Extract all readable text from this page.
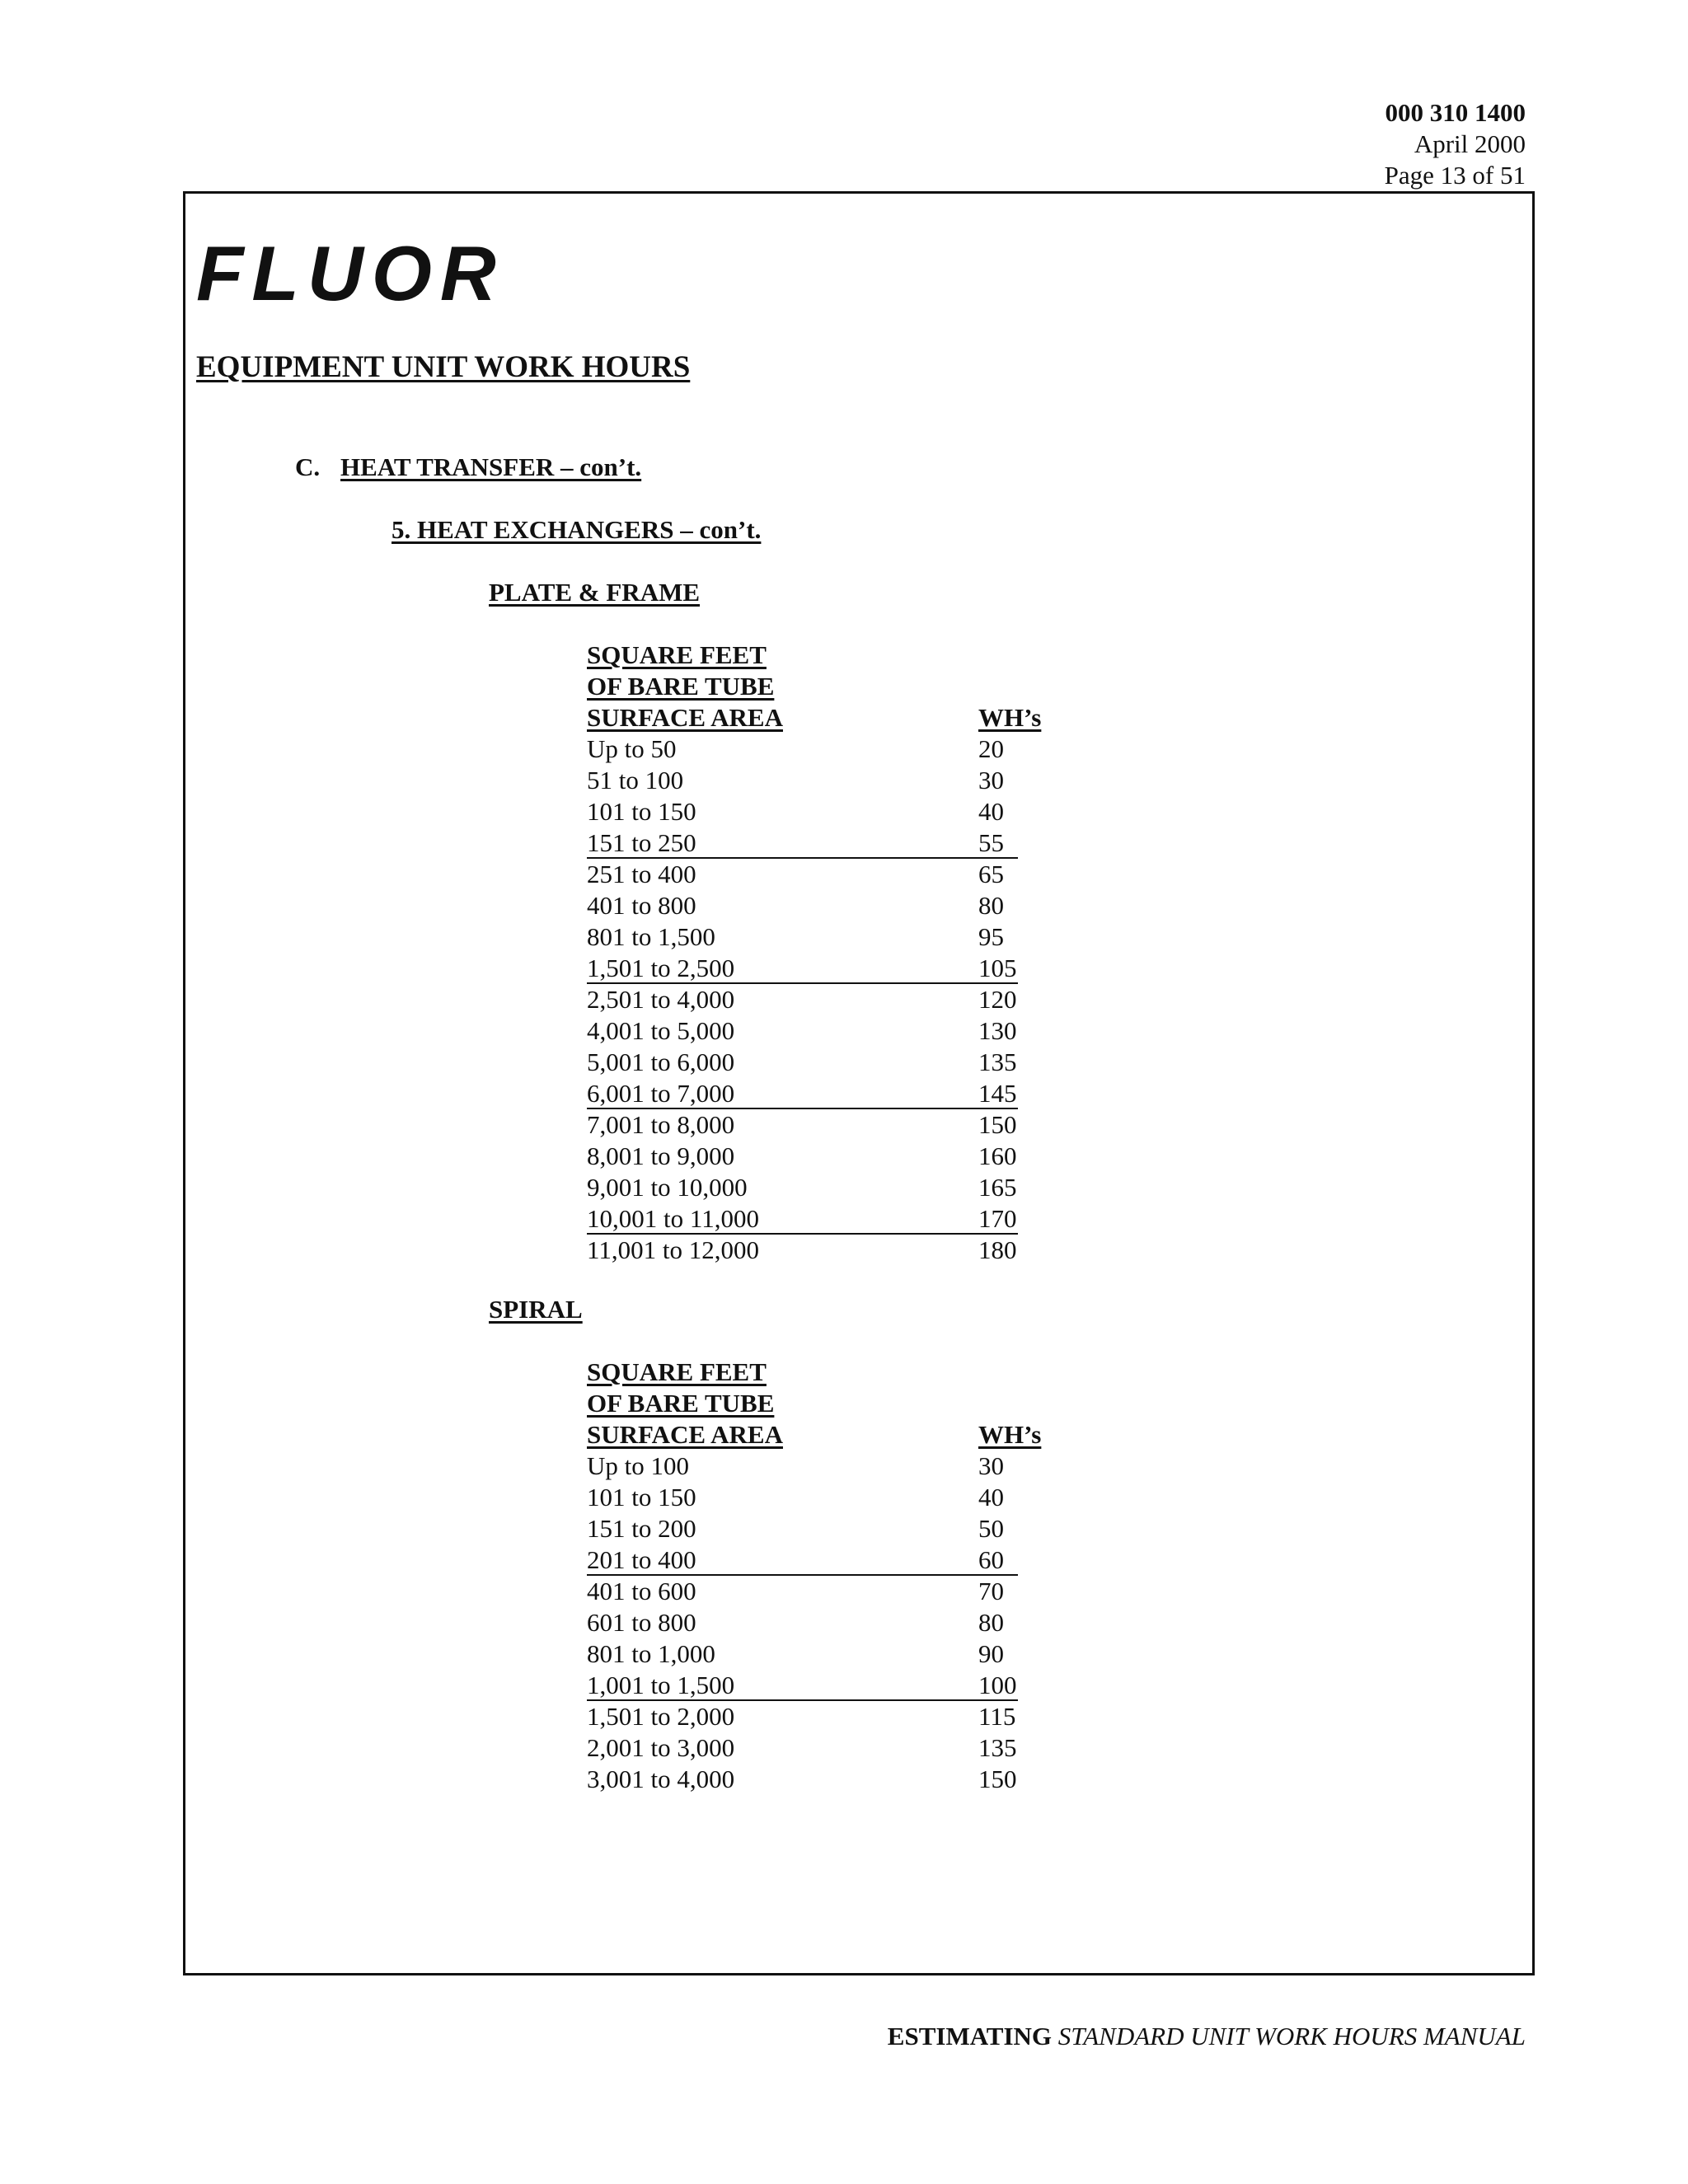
000 310 1400
April 2000
Page 13 of 51
FLUOR
EQUIPMENT UNIT WORK HOURS
C. HEAT TRANSFER – con’t.
5. HEAT EXCHANGERS – con’t.
PLATE & FRAME
SQUARE FEET
OF BARE TUBE
SURFACE AREA	WH’s
Up to 50	20
51 to 100	30
101 to 150	40
151 to 250	55
251 to 400	65
401 to 800	80
801 to 1,500	95
1,501 to 2,500	105
2,501 to 4,000	120
4,001 to 5,000	130
5,001 to 6,000	135
6,001 to 7,000	145
7,001 to 8,000	150
8,001 to 9,000	160
9,001 to 10,000	165
10,001 to 11,000	170
11,001 to 12,000	180
SPIRAL
SQUARE FEET
OF BARE TUBE
SURFACE AREA	WH’s
Up to 100	30
101 to 150	40
151 to 200	50
201 to 400	60
401 to 600	70
601 to 800	80
801 to 1,000	90
1,001 to 1,500	100
1,501 to 2,000	115
2,001 to 3,000	135
3,001 to 4,000	150
ESTIMATING STANDARD UNIT WORK HOURS MANUAL
